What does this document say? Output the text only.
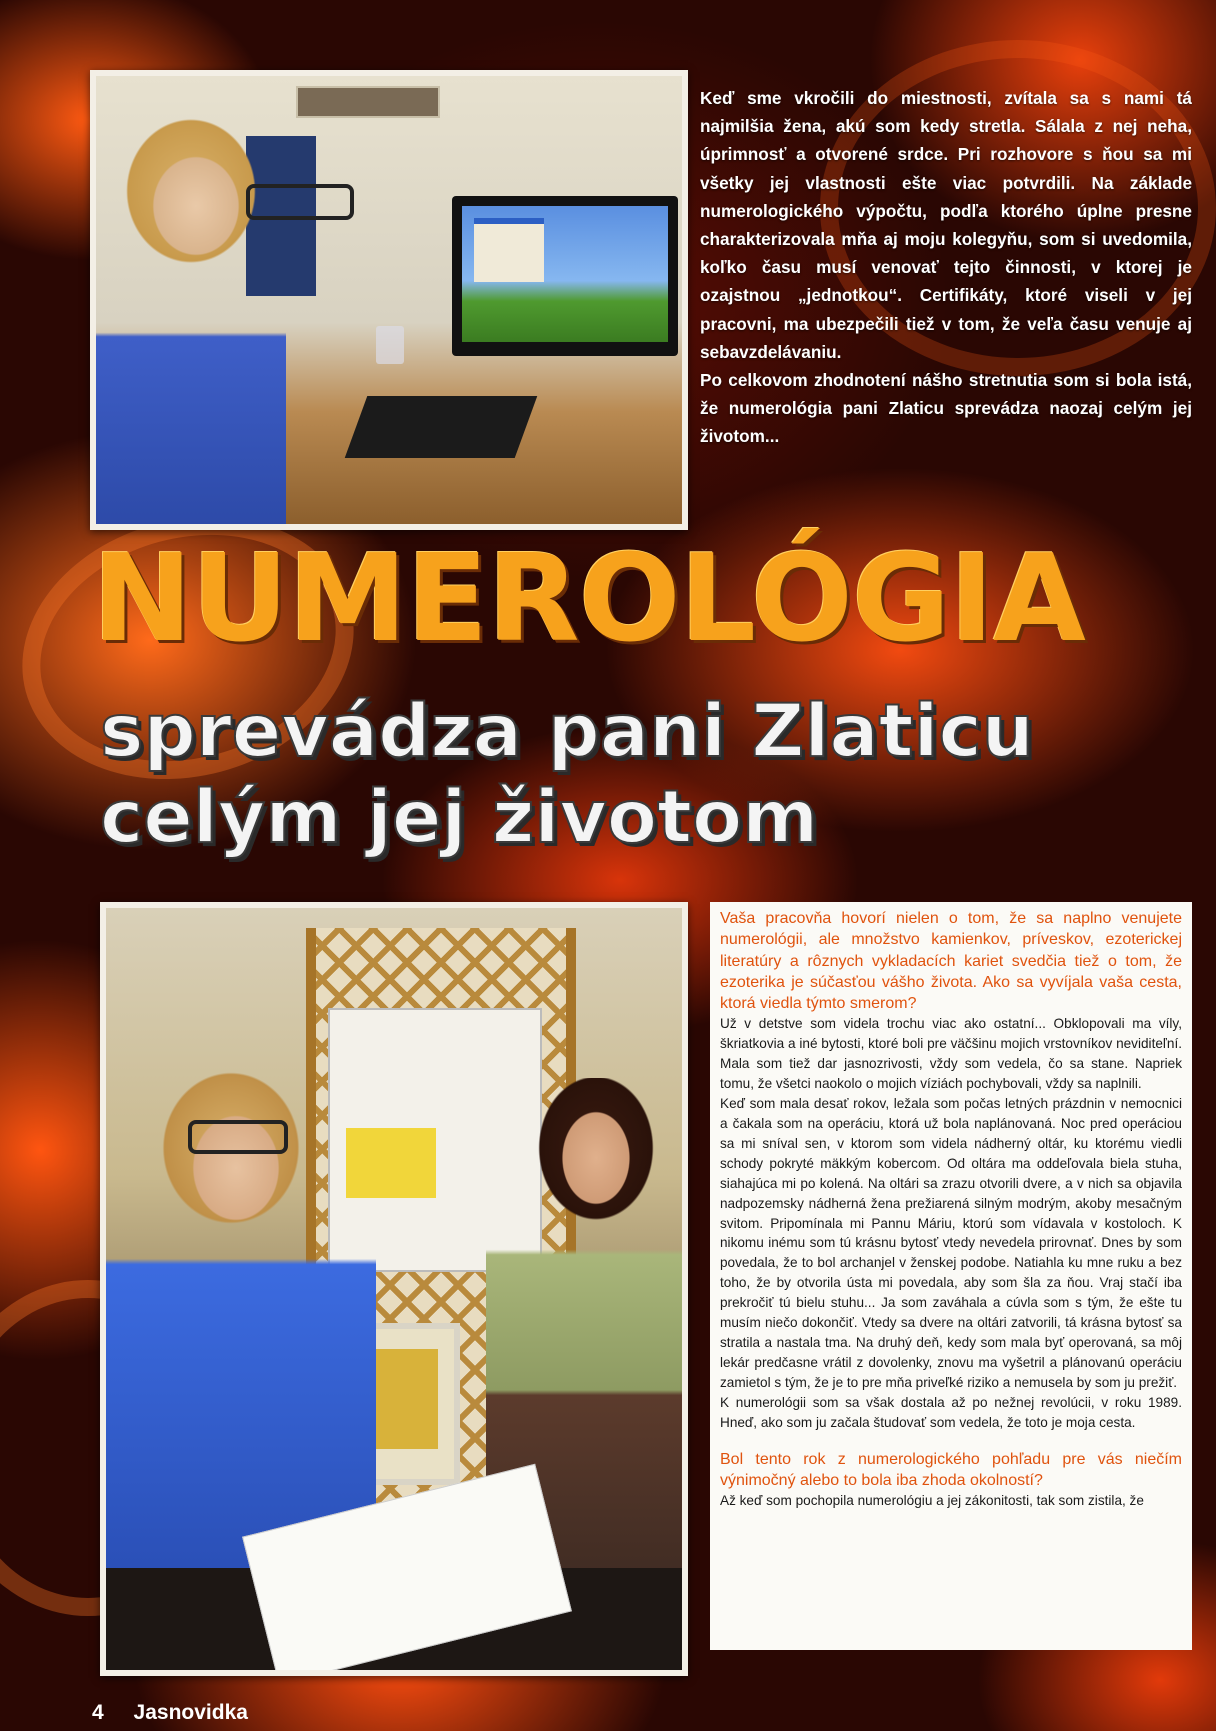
Keď sme vkročili do miestnosti, zvítala sa s nami tá najmilšia žena, akú som kedy stretla. Sálala z nej neha, úprimnosť a otvorené srdce. Pri rozhovore s ňou sa mi všetky jej vlastnosti ešte viac potvrdili. Na základe numerologického výpočtu, podľa ktorého úplne presne charakterizovala mňa aj moju kolegyňu, som si uvedomila, koľko času musí venovať tejto činnosti, v ktorej je ozajstnou „jednotkou“. Certifikáty, ktoré viseli v jej pracovni, ma ubezpečili tiež v tom, že veľa času venuje aj sebavzdelávaniu.

Po celkovom zhodnotení nášho stretnutia som si bola istá, že numerológia pani Zlaticu sprevádza naozaj celým jej životom...

NUMEROLÓGIA
sprevádza pani Zlaticu
celým jej životom

Vaša pracovňa hovorí nielen o tom, že sa naplno venujete numerológii, ale množstvo kamienkov, príveskov, ezoterickej literatúry a rôznych vykladacích kariet svedčia tiež o tom, že ezoterika je súčasťou vášho života. Ako sa vyvíjala vaša cesta, ktorá viedla týmto smerom?

Už v detstve som videla trochu viac ako ostatní... Obklopovali ma víly, škriatkovia a iné bytosti, ktoré boli pre väčšinu mojich vrstovníkov neviditeľní. Mala som tiež dar jasnozrivosti, vždy som vedela, čo sa stane. Napriek tomu, že všetci naokolo o mojich víziách pochybovali, vždy sa naplnili.

Keď som mala desať rokov, ležala som počas letných prázdnin v nemocnici a čakala som na operáciu, ktorá už bola naplánovaná. Noc pred operáciou sa mi sníval sen, v ktorom som videla nádherný oltár, ku ktorému viedli schody pokryté mäkkým kobercom. Od oltára ma oddeľovala biela stuha, siahajúca mi po kolená. Na oltári sa zrazu otvorili dvere, a v nich sa objavila nadpozemsky nádherná žena prežiarená silným modrým, akoby mesačným svitom. Pripomínala mi Pannu Máriu, ktorú som vídavala v kostoloch. K nikomu inému som tú krásnu bytosť vtedy nevedela prirovnať. Dnes by som povedala, že to bol archanjel v ženskej podobe. Natiahla ku mne ruku a bez toho, že by otvorila ústa mi povedala, aby som šla za ňou. Vraj stačí iba prekročiť tú bielu stuhu... Ja som zaváhala a cúvla som s tým, že ešte tu musím niečo dokončiť. Vtedy sa dvere na oltári zatvorili, tá krásna bytosť sa stratila a nastala tma. Na druhý deň, kedy som mala byť operovaná, sa môj lekár predčasne vrátil z dovolenky, znovu ma vyšetril a plánovanú operáciu zamietol s tým, že je to pre mňa priveľké riziko a nemusela by som ju prežiť.

K numerológii som sa však dostala až po nežnej revolúcii, v roku 1989. Hneď, ako som ju začala študovať som vedela, že toto je moja cesta.

Bol tento rok z numerologického pohľadu pre vás niečím výnimočný alebo to bola iba zhoda okolností?

Až keď som pochopila numerológiu a jej zákonitosti, tak som zistila, že

4 Jasnovidka
